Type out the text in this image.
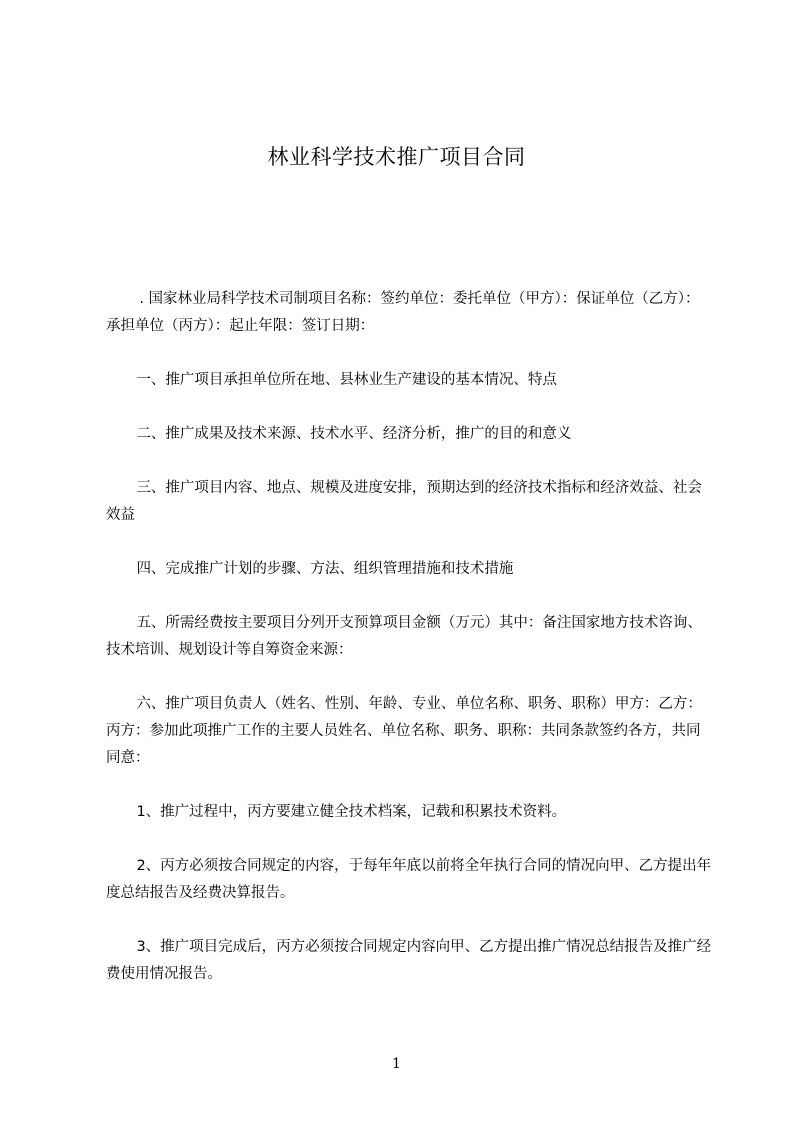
林业科学技术推广项目合同

. 国家林业局科学技术司制项目名称：签约单位：委托单位（甲方）：保证单位（乙方）：承担单位（丙方）：起止年限：签订日期：

一、推广项目承担单位所在地、县林业生产建设的基本情况、特点

二、推广成果及技术来源、技术水平、经济分析，推广的目的和意义

三、推广项目内容、地点、规模及进度安排，预期达到的经济技术指标和经济效益、社会效益

四、完成推广计划的步骤、方法、组织管理措施和技术措施

五、所需经费按主要项目分列开支预算项目金额（万元）其中：备注国家地方技术咨询、技术培训、规划设计等自筹资金来源：

六、推广项目负责人（姓名、性别、年龄、专业、单位名称、职务、职称）甲方：乙方：丙方：参加此项推广工作的主要人员姓名、单位名称、职务、职称：共同条款签约各方，共同同意：

1、推广过程中，丙方要建立健全技术档案，记载和积累技术资料。

2、丙方必须按合同规定的内容，于每年年底以前将全年执行合同的情况向甲、乙方提出年度总结报告及经费决算报告。

3、推广项目完成后，丙方必须按合同规定内容向甲、乙方提出推广情况总结报告及推广经费使用情况报告。

1
